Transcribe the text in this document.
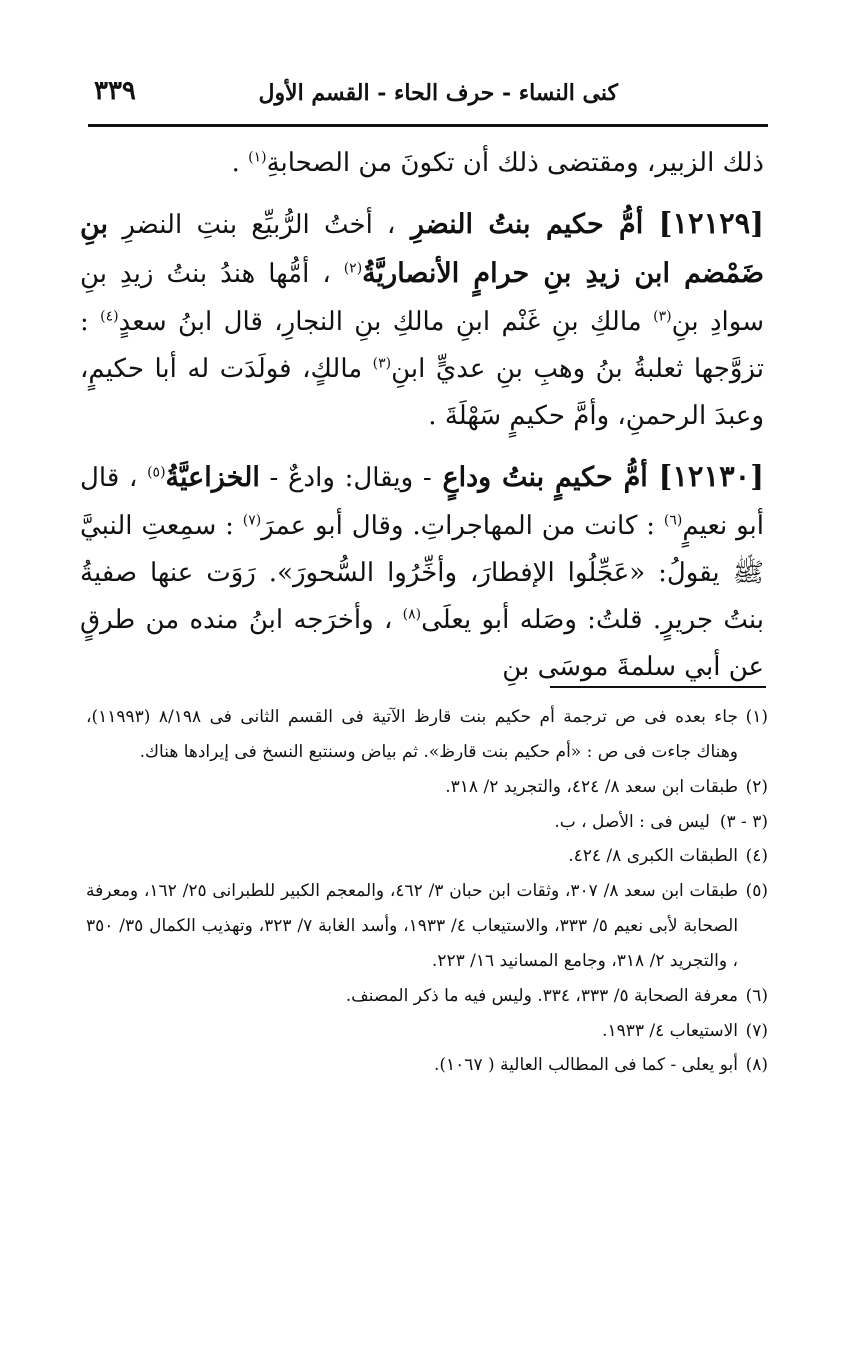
٣٣٩	كنى النساء - حرف الحاء - القسم الأول

ذلك الزبير، ومقتضى ذلك أن تكونَ من الصحابةِ$^{(١)}$ .

[١٢١٢٩] أمُّ حكيم بنتُ النضرِ ، أختُ الرُّبيِّع بنتِ النضرِ بنِ ضَمْضم ابن زيدِ بنِ حرامٍ الأنصاريَّةُ$^{(٢)}$ ، أمُّها هندُ بنتُ زيدِ بنِ سوادِ بنِ$^{(٣)}$ مالكِ بنِ غَنْم ابنِ مالكِ بنِ النجارِ، قال ابنُ سعدٍ$^{(٤)}$ : تزوَّجها ثعلبةُ بنُ وهبِ بنِ عديٍّ ابنِ$^{(٣)}$ مالكٍ، فولَدَت له أبا حكيمٍ، وعبدَ الرحمنِ، وأمَّ حكيمٍ سَهْلَةَ .

[١٢١٣٠] أمُّ حكيمٍ بنتُ وداعٍ - ويقال: وادعٌ - الخزاعيَّةُ$^{(٥)}$ ، قال أبو نعيمٍ$^{(٦)}$ : كانت من المهاجراتِ. وقال أبو عمرَ$^{(٧)}$ : سمِعتِ النبيَّ ﷺ يقولُ: «عَجِّلُوا الإفطارَ، وأخِّرُوا السُّحورَ». رَوَت عنها صفيةُ بنتُ جريرٍ. قلتُ: وصَله أبو يعلَى$^{(٨)}$ ، وأخرَجه ابنُ منده من طرقٍ عن أبي سلمةَ موسَى بنِ

(١)
جاء بعده فى ص ترجمة أم حكيم بنت قارظ الآتية فى القسم الثانى فى ٨/١٩٨ (١١٩٩٣)، وهناك جاءت فى ص : «أم حكيم بنت قارظ». ثم بياض وسنتبع النسخ فى إيرادها هناك.

(٢)
طبقات ابن سعد ٨/ ٤٢٤، والتجريد ٢/ ٣١٨.

(٣ - ٣)
ليس فى : الأصل ، ب.

(٤)
الطبقات الكبرى ٨/ ٤٢٤.

(٥)
طبقات ابن سعد ٨/ ٣٠٧، وثقات ابن حبان ٣/ ٤٦٢، والمعجم الكبير للطبرانى ٢٥/ ١٦٢، ومعرفة الصحابة لأبى نعيم ٥/ ٣٣٣، والاستيعاب ٤/ ١٩٣٣، وأسد الغابة ٧/ ٣٢٣، وتهذيب الكمال ٣٥/ ٣٥٠ ، والتجريد ٢/ ٣١٨، وجامع المسانيد ١٦/ ٢٢٣.

(٦)
معرفة الصحابة ٥/ ٣٣٣، ٣٣٤. وليس فيه ما ذكر المصنف.

(٧)
الاستيعاب ٤/ ١٩٣٣.

(٨)
أبو يعلى - كما فى المطالب العالية ( ١٠٦٧).
